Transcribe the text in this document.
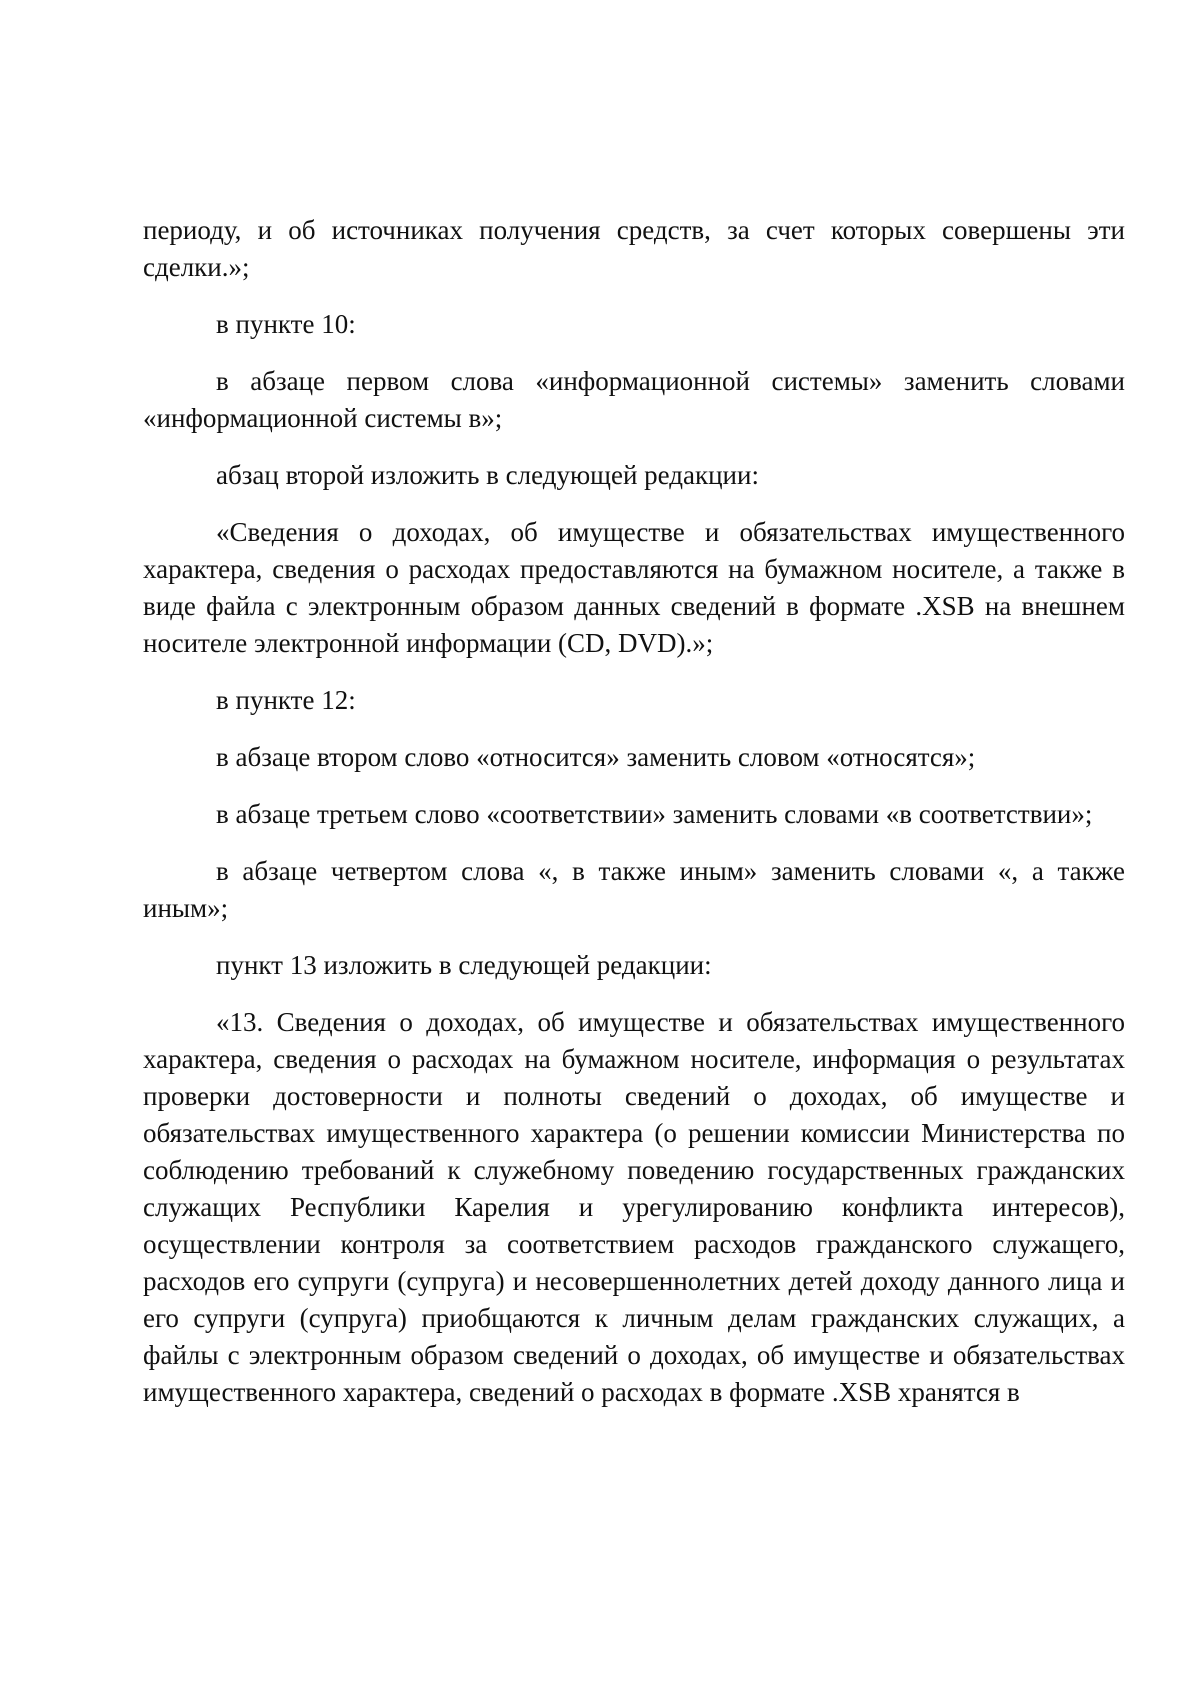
периоду, и об источниках получения средств, за счет которых совершены эти сделки.»;

в пункте 10:

в абзаце первом слова «информационной системы» заменить словами «информационной системы в»;

абзац второй изложить в следующей редакции:

«Сведения о доходах, об имуществе и обязательствах имущественного характера, сведения о расходах предоставляются на бумажном носителе, а также в виде файла с электронным образом данных сведений в формате .XSB на внешнем носителе электронной информации (CD, DVD).»;

в пункте 12:

в абзаце втором слово «относится» заменить словом «относятся»;

в абзаце третьем слово «соответствии» заменить словами «в соответствии»;

в абзаце четвертом слова «, в также иным» заменить словами «, а также иным»;

пункт 13 изложить в следующей редакции:

«13. Сведения о доходах, об имуществе и обязательствах имущественного характера, сведения о расходах на бумажном носителе, информация о результатах проверки достоверности и полноты сведений о доходах, об имуществе и обязательствах имущественного характера (о решении комиссии Министерства по соблюдению требований к служебному поведению государственных гражданских служащих Республики Карелия и урегулированию конфликта интересов), осуществлении контроля за соответствием расходов гражданского служащего, расходов его супруги (супруга) и несовершеннолетних детей доходу данного лица и его супруги (супруга) приобщаются к личным делам гражданских служащих, а файлы с электронным образом сведений о доходах, об имуществе и обязательствах имущественного характера, сведений о расходах в формате .XSB хранятся в
